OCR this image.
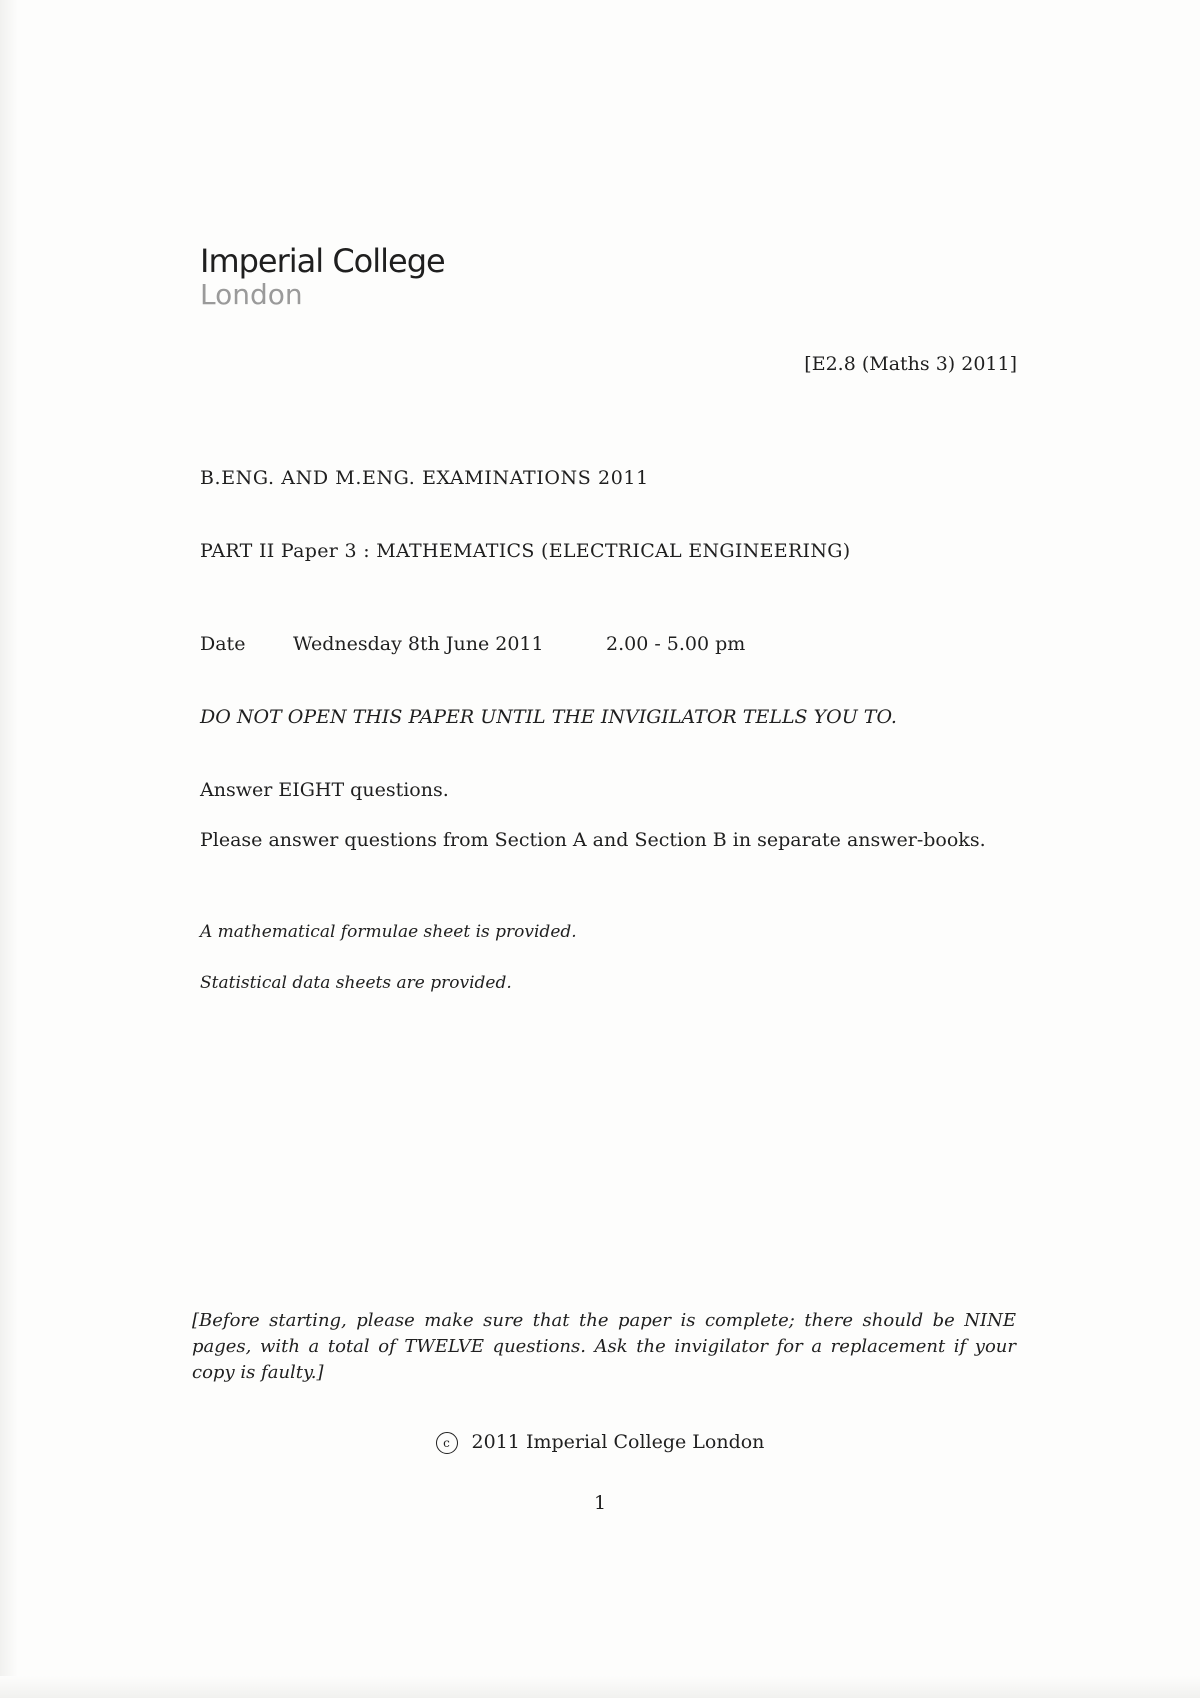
Imperial College
London
[E2.8 (Maths 3) 2011]
B.ENG. AND M.ENG. EXAMINATIONS 2011
PART II Paper 3 : MATHEMATICS (ELECTRICAL ENGINEERING)
Date	Wednesday 8th June 2011	2.00 - 5.00 pm
DO NOT OPEN THIS PAPER UNTIL THE INVIGILATOR TELLS YOU TO.
Answer EIGHT questions.
Please answer questions from Section A and Section B in separate answer-books.
A mathematical formulae sheet is provided.
Statistical data sheets are provided.
[Before starting, please make sure that the paper is complete; there should be NINE pages, with a total of TWELVE questions. Ask the invigilator for a replacement if your copy is faulty.]
c 2011 Imperial College London
1
